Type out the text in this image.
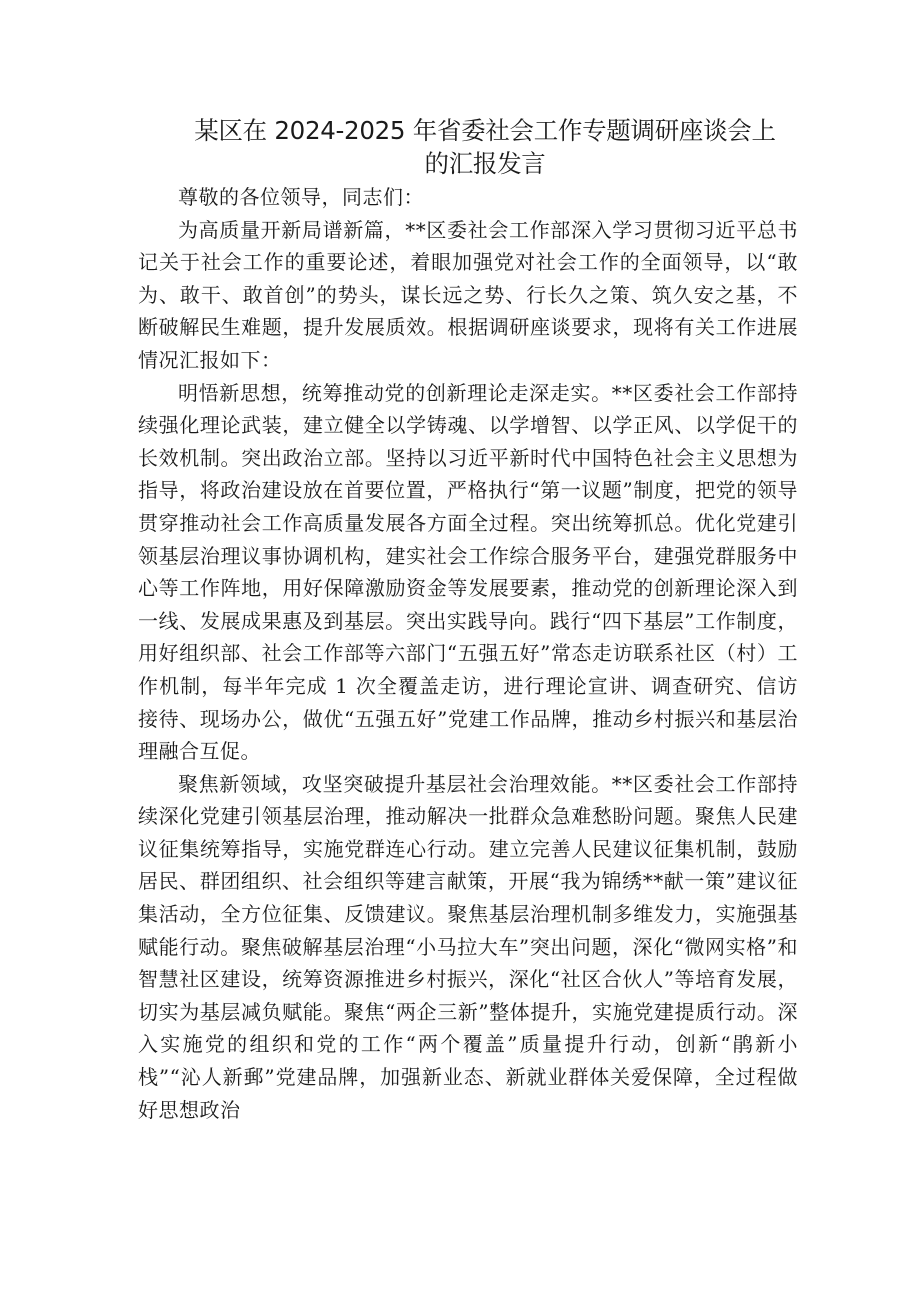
某区在 2024-2025 年省委社会工作专题调研座谈会上
的汇报发言

尊敬的各位领导，同志们：

为高质量开新局谱新篇，**区委社会工作部深入学习贯彻习近平总书记关于社会工作的重要论述，着眼加强党对社会工作的全面领导，以“敢为、敢干、敢首创”的势头，谋长远之势、行长久之策、筑久安之基，不断破解民生难题，提升发展质效。根据调研座谈要求，现将有关工作进展情况汇报如下：

明悟新思想，统筹推动党的创新理论走深走实。**区委社会工作部持续强化理论武装，建立健全以学铸魂、以学增智、以学正风、以学促干的长效机制。突出政治立部。坚持以习近平新时代中国特色社会主义思想为指导，将政治建设放在首要位置，严格执行“第一议题”制度，把党的领导贯穿推动社会工作高质量发展各方面全过程。突出统筹抓总。优化党建引领基层治理议事协调机构，建实社会工作综合服务平台，建强党群服务中心等工作阵地，用好保障激励资金等发展要素，推动党的创新理论深入到一线、发展成果惠及到基层。突出实践导向。践行“四下基层”工作制度，用好组织部、社会工作部等六部门“五强五好”常态走访联系社区（村）工作机制，每半年完成 1 次全覆盖走访，进行理论宣讲、调查研究、信访接待、现场办公，做优“五强五好”党建工作品牌，推动乡村振兴和基层治理融合互促。

聚焦新领域，攻坚突破提升基层社会治理效能。**区委社会工作部持续深化党建引领基层治理，推动解决一批群众急难愁盼问题。聚焦人民建议征集统筹指导，实施党群连心行动。建立完善人民建议征集机制，鼓励居民、群团组织、社会组织等建言献策，开展“我为锦绣**献一策”建议征集活动，全方位征集、反馈建议。聚焦基层治理机制多维发力，实施强基赋能行动。聚焦破解基层治理“小马拉大车”突出问题，深化“微网实格”和智慧社区建设，统筹资源推进乡村振兴，深化“社区合伙人”等培育发展，切实为基层减负赋能。聚焦“两企三新”整体提升，实施党建提质行动。深入实施党的组织和党的工作“两个覆盖”质量提升行动，创新“鹃新小栈”“沁人新郵”党建品牌，加强新业态、新就业群体关爱保障，全过程做好思想政治
